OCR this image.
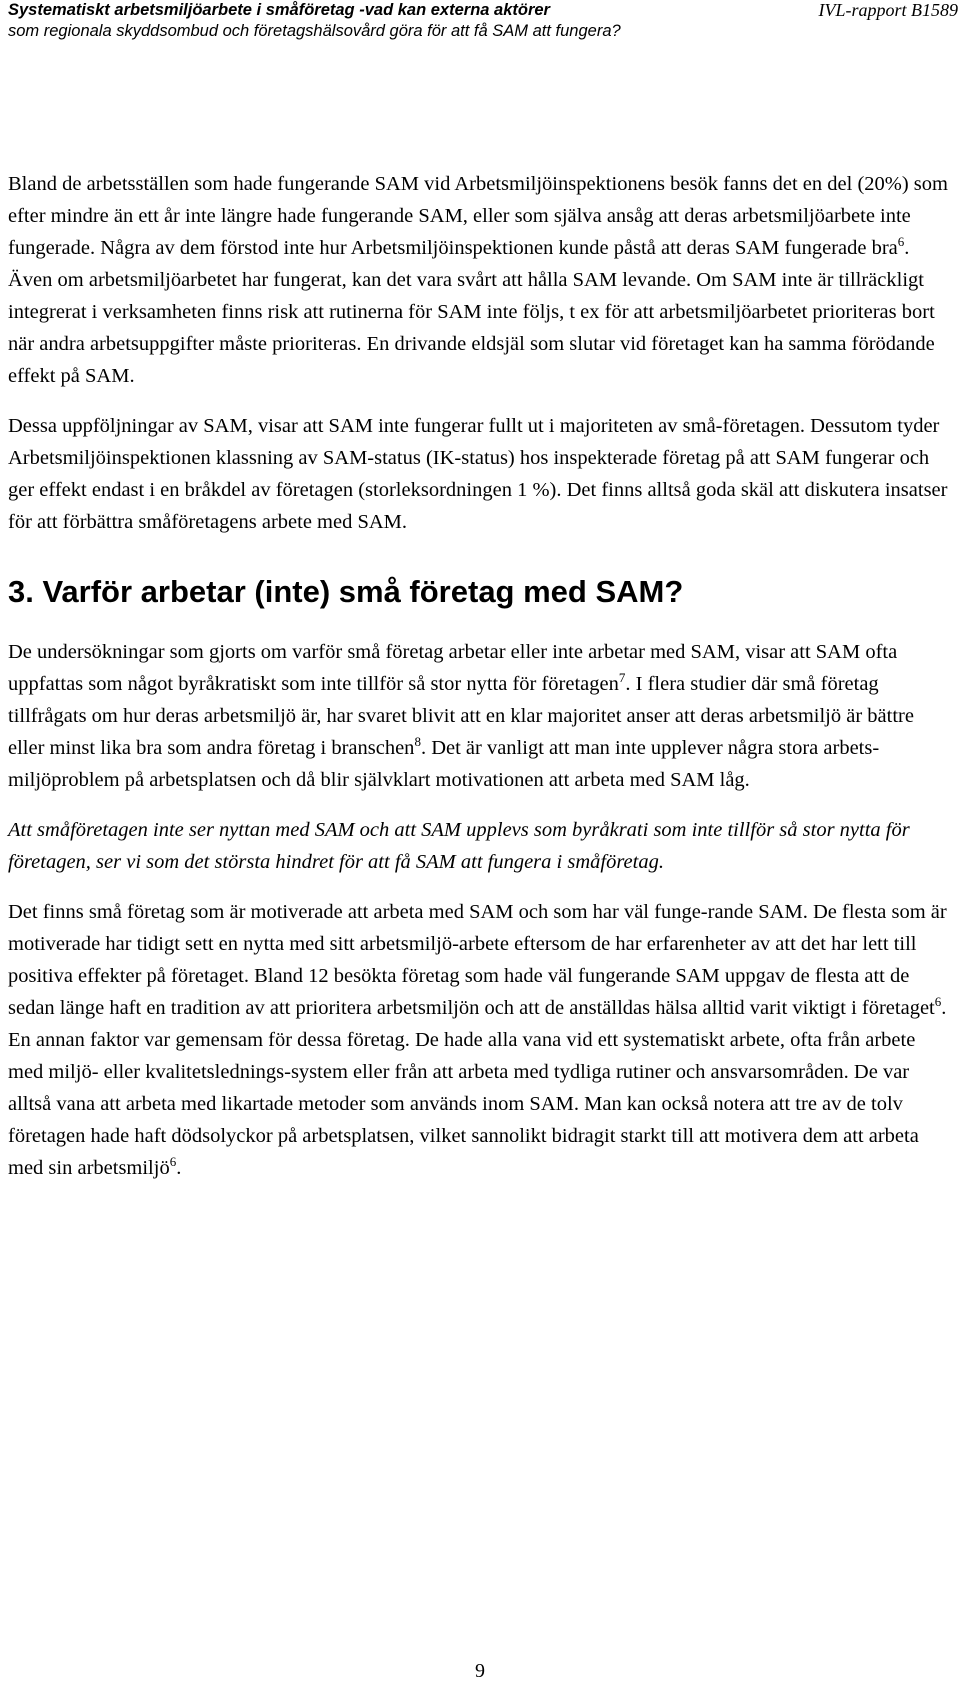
Systematiskt arbetsmiljöarbete i småföretag -vad kan externa aktörer	IVL-rapport B1589
som regionala skyddsombud och företagshälsovård göra för att få SAM att fungera?

Bland de arbetsställen som hade fungerande SAM vid Arbetsmiljöinspektionens besök fanns det en del (20%) som efter mindre än ett år inte längre hade fungerande SAM, eller som själva ansåg att deras arbetsmiljöarbete inte fungerade. Några av dem förstod inte hur Arbetsmiljöinspektionen kunde påstå att deras SAM fungerade bra$^6$. Även om arbetsmiljöarbetet har fungerat, kan det vara svårt att hålla SAM levande. Om SAM inte är tillräckligt integrerat i verksamheten finns risk att rutinerna för SAM inte följs, t ex för att arbetsmiljöarbetet prioriteras bort när andra arbetsuppgifter måste prioriteras. En drivande eldsjäl som slutar vid företaget kan ha samma förödande effekt på SAM.

Dessa uppföljningar av SAM, visar att SAM inte fungerar fullt ut i majoriteten av små-företagen. Dessutom tyder Arbetsmiljöinspektionen klassning av SAM-status (IK-status) hos inspekterade företag på att SAM fungerar och ger effekt endast i en bråkdel av företagen (storleksordningen 1 %). Det finns alltså goda skäl att diskutera insatser för att förbättra småföretagens arbete med SAM.

3. Varför arbetar (inte) små företag med SAM?

De undersökningar som gjorts om varför små företag arbetar eller inte arbetar med SAM, visar att SAM ofta uppfattas som något byråkratiskt som inte tillför så stor nytta för företagen$^7$. I flera studier där små företag tillfrågats om hur deras arbetsmiljö är, har svaret blivit att en klar majoritet anser att deras arbetsmiljö är bättre eller minst lika bra som andra företag i branschen$^8$. Det är vanligt att man inte upplever några stora arbets-miljöproblem på arbetsplatsen och då blir självklart motivationen att arbeta med SAM låg.

Att småföretagen inte ser nyttan med SAM och att SAM upplevs som byråkrati som inte tillför så stor nytta för företagen, ser vi som det största hindret för att få SAM att fungera i småföretag.

Det finns små företag som är motiverade att arbeta med SAM och som har väl funge-rande SAM. De flesta som är motiverade har tidigt sett en nytta med sitt arbetsmiljö-arbete eftersom de har erfarenheter av att det har lett till positiva effekter på företaget. Bland 12 besökta företag som hade väl fungerande SAM uppgav de flesta att de sedan länge haft en tradition av att prioritera arbetsmiljön och att de anställdas hälsa alltid varit viktigt i företaget$^6$. En annan faktor var gemensam för dessa företag. De hade alla vana vid ett systematiskt arbete, ofta från arbete med miljö- eller kvalitetslednings-system eller från att arbeta med tydliga rutiner och ansvarsområden. De var alltså vana att arbeta med likartade metoder som används inom SAM. Man kan också notera att tre av de tolv företagen hade haft dödsolyckor på arbetsplatsen, vilket sannolikt bidragit starkt till att motivera dem att arbeta med sin arbetsmiljö$^6$.

9
